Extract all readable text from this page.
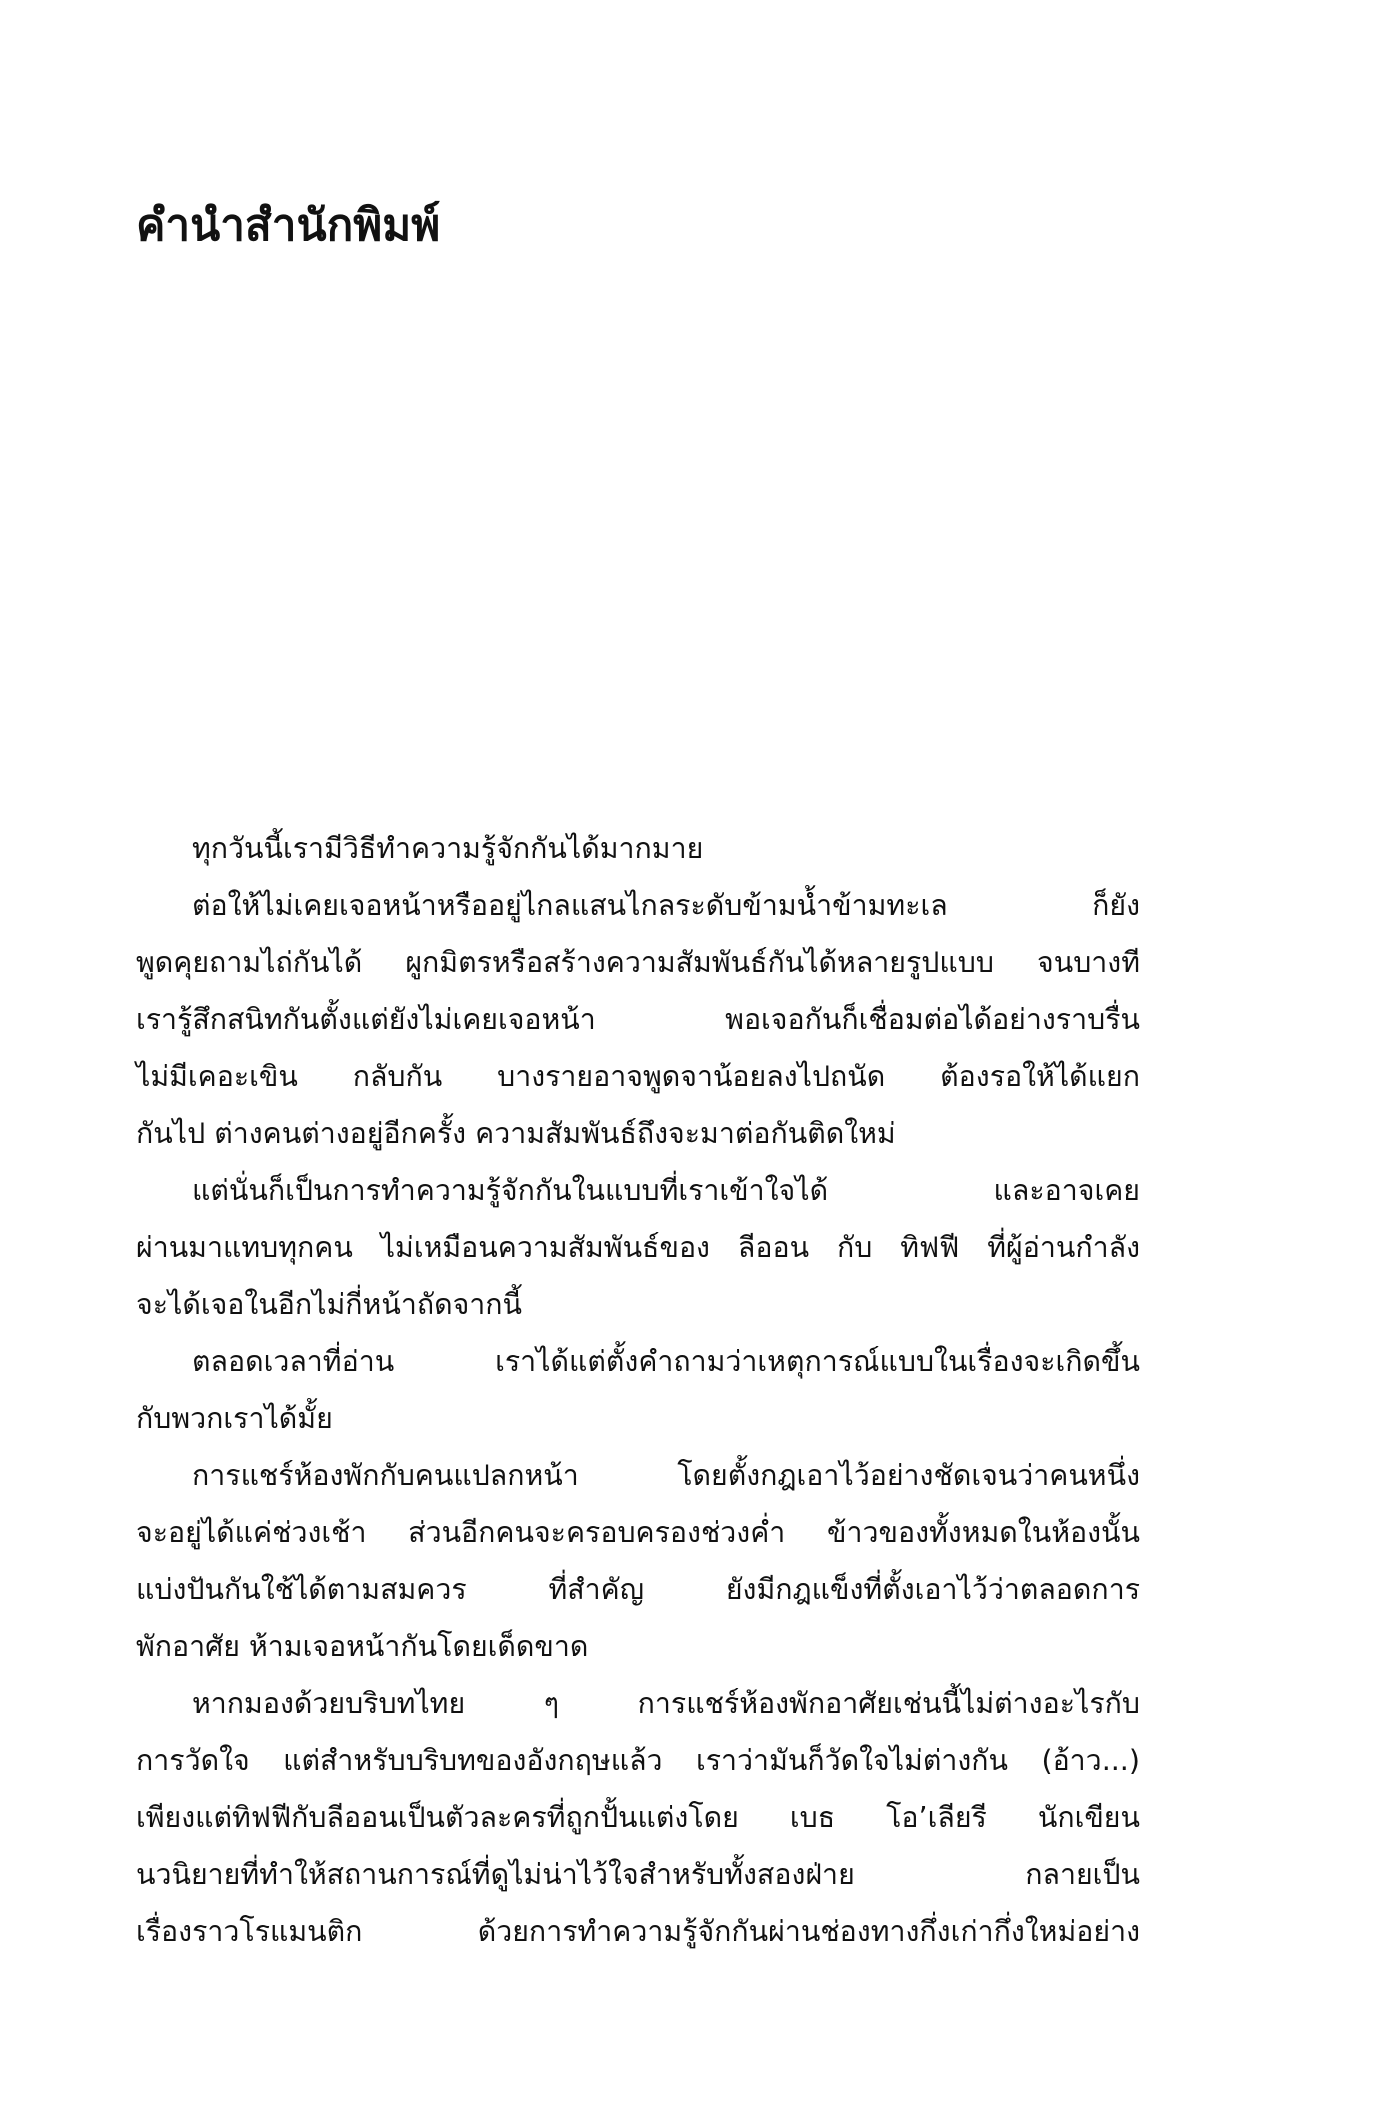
คำนำสำนักพิมพ์
ทุกวันนี้เรามีวิธีทำความรู้จักกันได้มากมาย
ต่อให้ไม่เคยเจอหน้าหรืออยู่ไกลแสนไกลระดับข้ามน้ำข้ามทะเล ก็ยัง
พูดคุยถามไถ่กันได้ ผูกมิตรหรือสร้างความสัมพันธ์กันได้หลายรูปแบบ จนบางที
เรารู้สึกสนิทกันตั้งแต่ยังไม่เคยเจอหน้า พอเจอกันก็เชื่อมต่อได้อย่างราบรื่น
ไม่มีเคอะเขิน กลับกัน บางรายอาจพูดจาน้อยลงไปถนัด ต้องรอให้ได้แยก
กันไป ต่างคนต่างอยู่อีกครั้ง ความสัมพันธ์ถึงจะมาต่อกันติดใหม่
แต่นั่นก็เป็นการทำความรู้จักกันในแบบที่เราเข้าใจได้ และอาจเคย
ผ่านมาแทบทุกคน ไม่เหมือนความสัมพันธ์ของ ลีออน กับ ทิฟฟี ที่ผู้อ่านกำลัง
จะได้เจอในอีกไม่กี่หน้าถัดจากนี้
ตลอดเวลาที่อ่าน เราได้แต่ตั้งคำถามว่าเหตุการณ์แบบในเรื่องจะเกิดขึ้น
กับพวกเราได้มั้ย
การแชร์ห้องพักกับคนแปลกหน้า โดยตั้งกฎเอาไว้อย่างชัดเจนว่าคนหนึ่ง
จะอยู่ได้แค่ช่วงเช้า ส่วนอีกคนจะครอบครองช่วงค่ำ ข้าวของทั้งหมดในห้องนั้น
แบ่งปันกันใช้ได้ตามสมควร ที่สำคัญ ยังมีกฎแข็งที่ตั้งเอาไว้ว่าตลอดการ
พักอาศัย ห้ามเจอหน้ากันโดยเด็ดขาด
หากมองด้วยบริบทไทย ๆ การแชร์ห้องพักอาศัยเช่นนี้ไม่ต่างอะไรกับ
การวัดใจ แต่สำหรับบริบทของอังกฤษแล้ว เราว่ามันก็วัดใจไม่ต่างกัน (อ้าว...)
เพียงแต่ทิฟฟีกับลีออนเป็นตัวละครที่ถูกปั้นแต่งโดย เบธ โอ’เลียรี นักเขียน
นวนิยายที่ทำให้สถานการณ์ที่ดูไม่น่าไว้ใจสำหรับทั้งสองฝ่าย กลายเป็น
เรื่องราวโรแมนติก ด้วยการทำความรู้จักกันผ่านช่องทางกึ่งเก่ากึ่งใหม่อย่าง
